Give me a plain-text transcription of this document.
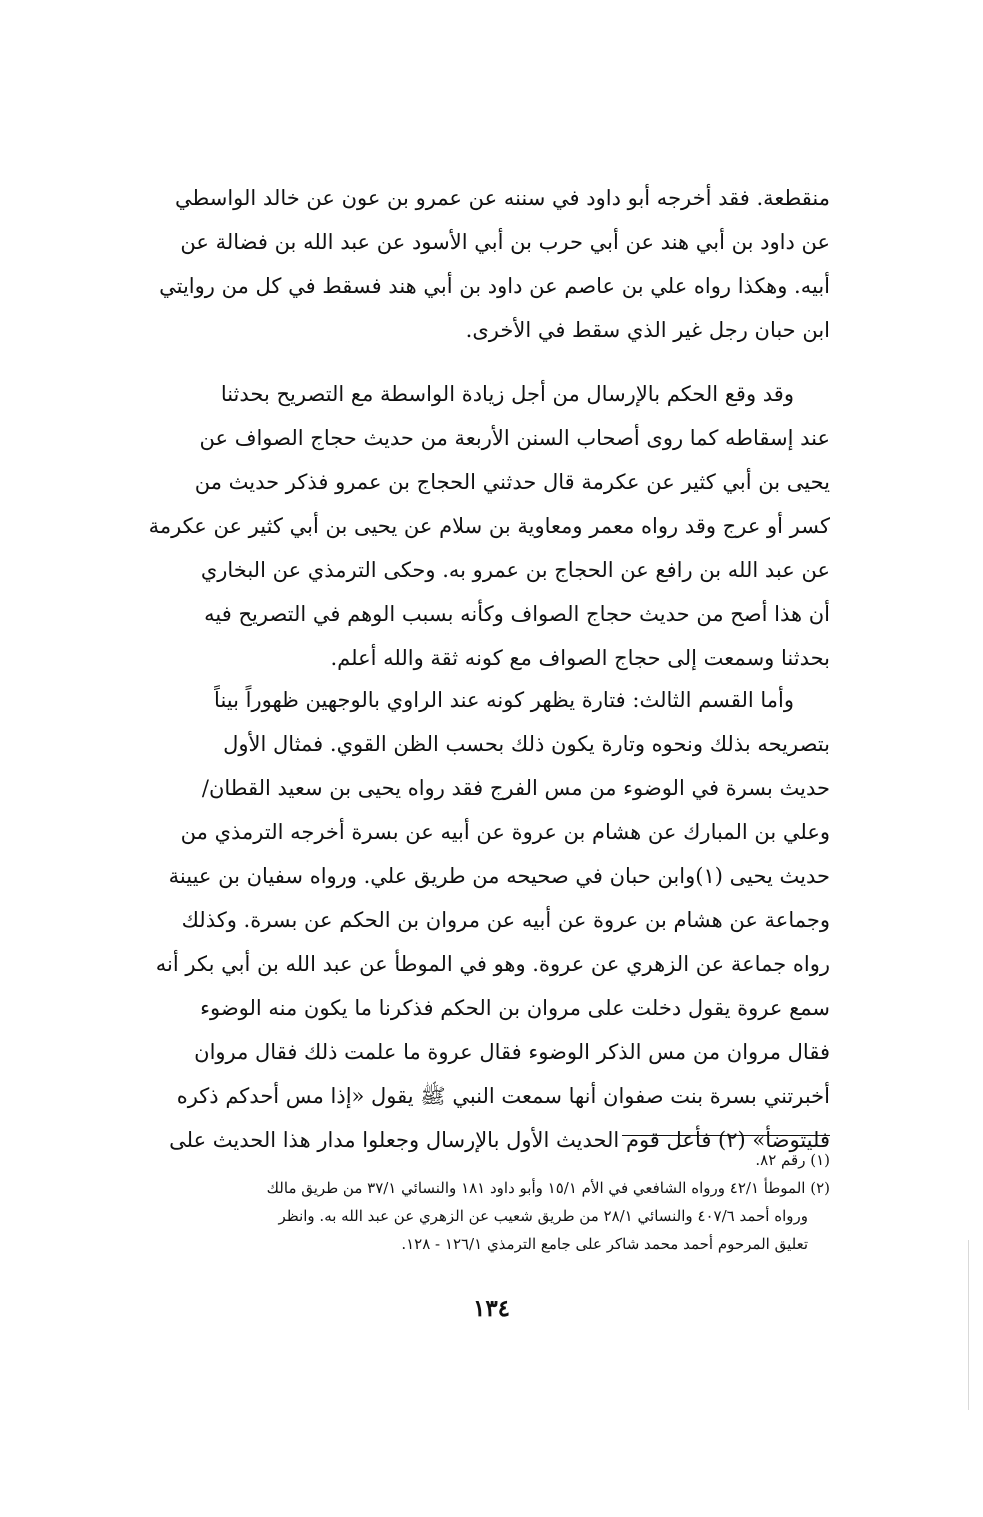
منقطعة. فقد أخرجه أبو داود في سننه عن عمرو بن عون عن خالد الواسطي
عن داود بن أبي هند عن أبي حرب بن أبي الأسود عن عبد الله بن فضالة عن
أبيه. وهكذا رواه علي بن عاصم عن داود بن أبي هند فسقط في كل من روايتي
ابن حبان رجل غير الذي سقط في الأخرى.
وقد وقع الحكم بالإرسال من أجل زيادة الواسطة مع التصريح بحدثنا
عند إسقاطه كما روى أصحاب السنن الأربعة من حديث حجاج الصواف عن
يحيى بن أبي كثير عن عكرمة قال حدثني الحجاج بن عمرو فذكر حديث من
كسر أو عرج وقد رواه معمر ومعاوية بن سلام عن يحيى بن أبي كثير عن عكرمة
عن عبد الله بن رافع عن الحجاج بن عمرو به. وحكى الترمذي عن البخاري
أن هذا أصح من حديث حجاج الصواف وكأنه بسبب الوهم في التصريح فيه
بحدثنا وسمعت إلى حجاج الصواف مع كونه ثقة والله أعلم.
وأما القسم الثالث: فتارة يظهر كونه عند الراوي بالوجهين ظهوراً بيناً
بتصريحه بذلك ونحوه وتارة يكون ذلك بحسب الظن القوي. فمثال الأول
حديث بسرة في الوضوء من مس الفرج فقد رواه يحيى بن سعيد القطان/
وعلي بن المبارك عن هشام بن عروة عن أبيه عن بسرة أخرجه الترمذي من
حديث يحيى (١)وابن حبان في صحيحه من طريق علي. ورواه سفيان بن عيينة
وجماعة عن هشام بن عروة عن أبيه عن مروان بن الحكم عن بسرة. وكذلك
رواه جماعة عن الزهري عن عروة. وهو في الموطأ عن عبد الله بن أبي بكر أنه
سمع عروة يقول دخلت على مروان بن الحكم فذكرنا ما يكون منه الوضوء
فقال مروان من مس الذكر الوضوء فقال عروة ما علمت ذلك فقال مروان
أخبرتني بسرة بنت صفوان أنها سمعت النبي ﷺ يقول «إذا مس أحدكم ذكره
فليتوضأ» (٢) فأعل قوم الحديث الأول بالإرسال وجعلوا مدار هذا الحديث على

(١) رقم ٨٢.

(٢) الموطأ ٤٢/١ ورواه الشافعي في الأم ١٥/١ وأبو داود ١٨١ والنسائي ٣٧/١ من طريق مالك
ورواه أحمد ٤٠٧/٦ والنسائي ٢٨/١ من طريق شعيب عن الزهري عن عبد الله به. وانظر
تعليق المرحوم أحمد محمد شاكر على جامع الترمذي ١٢٦/١ - ١٢٨.

١٣٤
